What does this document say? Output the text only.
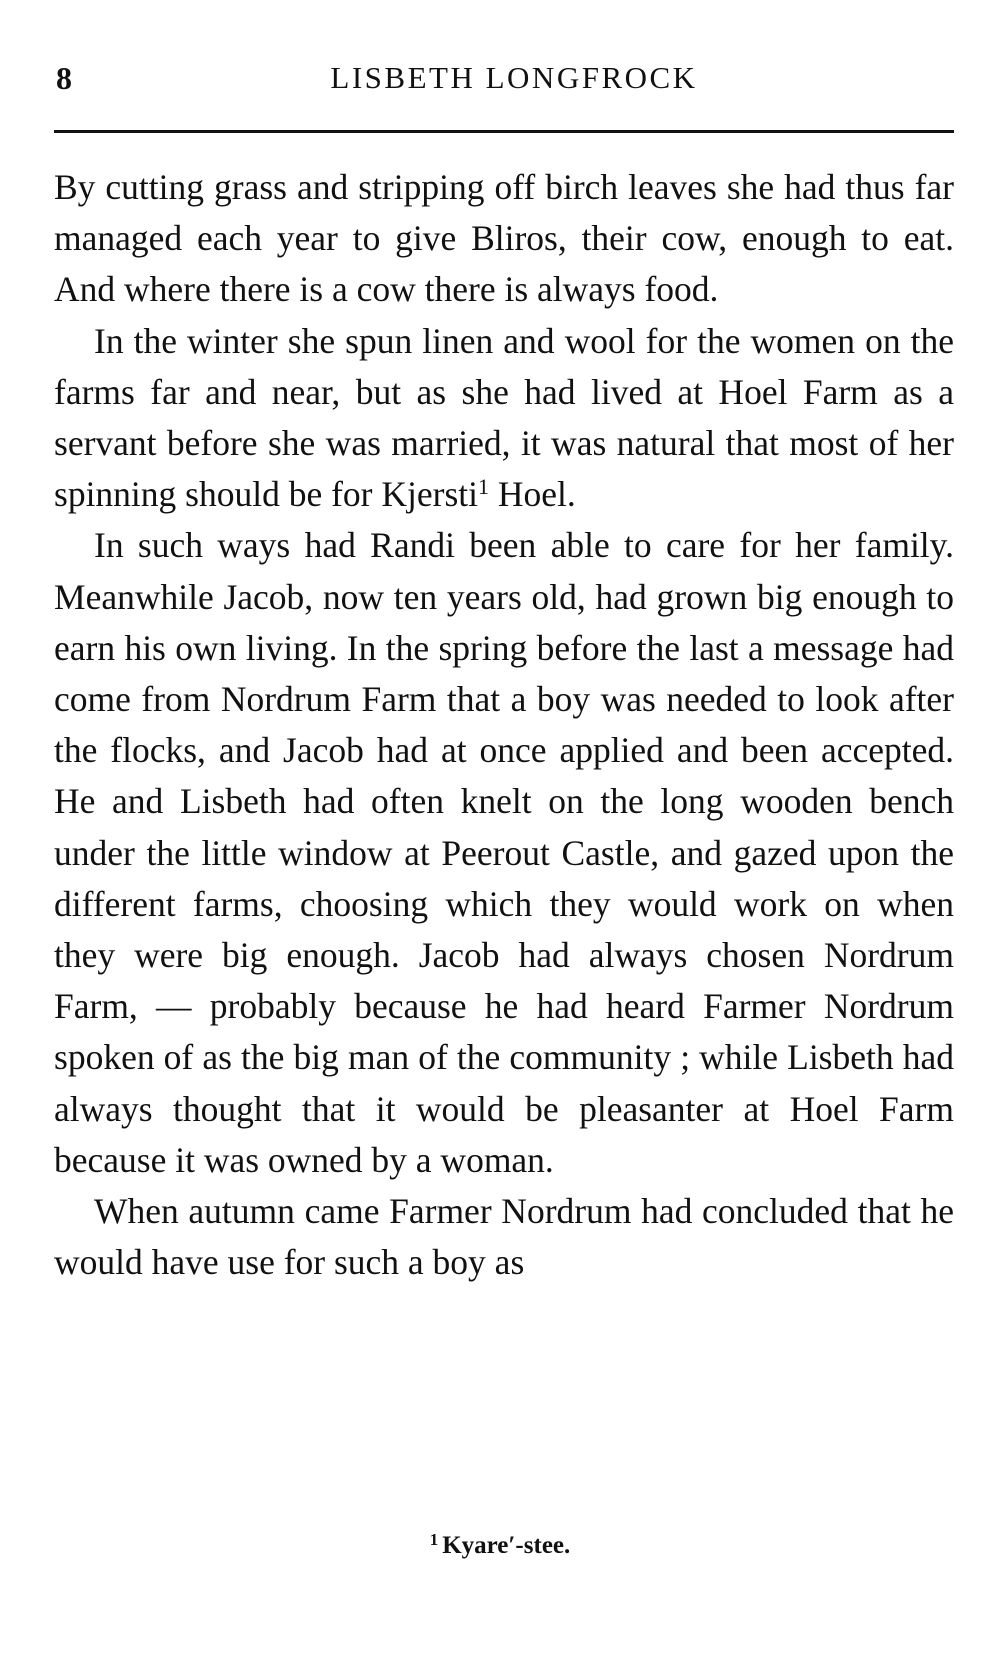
8	LISBETH LONGFROCK

By cutting grass and stripping off birch leaves she had thus far managed each year to give Bliros, their cow, enough to eat. And where there is a cow there is always food.

In the winter she spun linen and wool for the women on the farms far and near, but as she had lived at Hoel Farm as a servant before she was married, it was natural that most of her spinning should be for Kjersti$^1$ Hoel.

In such ways had Randi been able to care for her family. Meanwhile Jacob, now ten years old, had grown big enough to earn his own living. In the spring before the last a message had come from Nordrum Farm that a boy was needed to look after the flocks, and Jacob had at once applied and been accepted. He and Lisbeth had often knelt on the long wooden bench under the little window at Peerout Castle, and gazed upon the different farms, choosing which they would work on when they were big enough. Jacob had always chosen Nordrum Farm, — probably because he had heard Farmer Nordrum spoken of as the big man of the community ; while Lisbeth had always thought that it would be pleasanter at Hoel Farm because it was owned by a woman.

When autumn came Farmer Nordrum had concluded that he would have use for such a boy as

$^1$ Kyare′-stee.
